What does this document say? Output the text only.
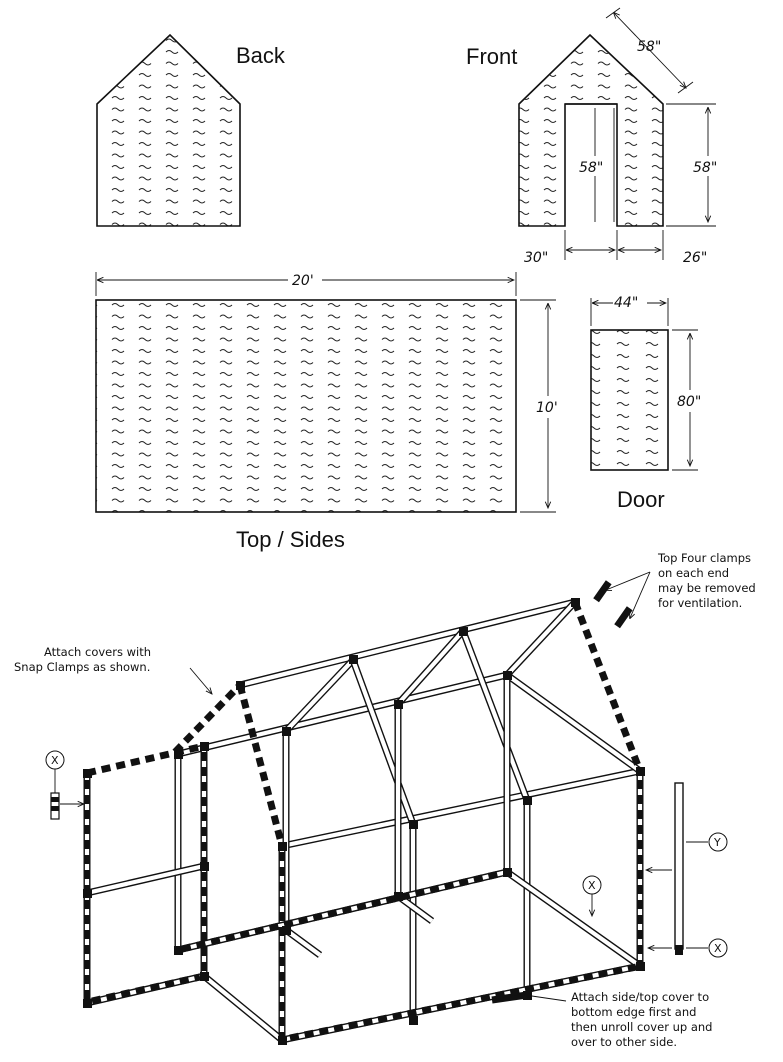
Back	Front	58"
58"	58"
30"	26"
20'
10'
Top / Sides
44"
80"
Door
Top Four clamps
on each end
may be removed
for ventilation.
Attach covers with
Snap Clamps as shown.
X
X
Y
X
Attach side/top cover to
bottom edge first and
then unroll cover up and
over to other side.
